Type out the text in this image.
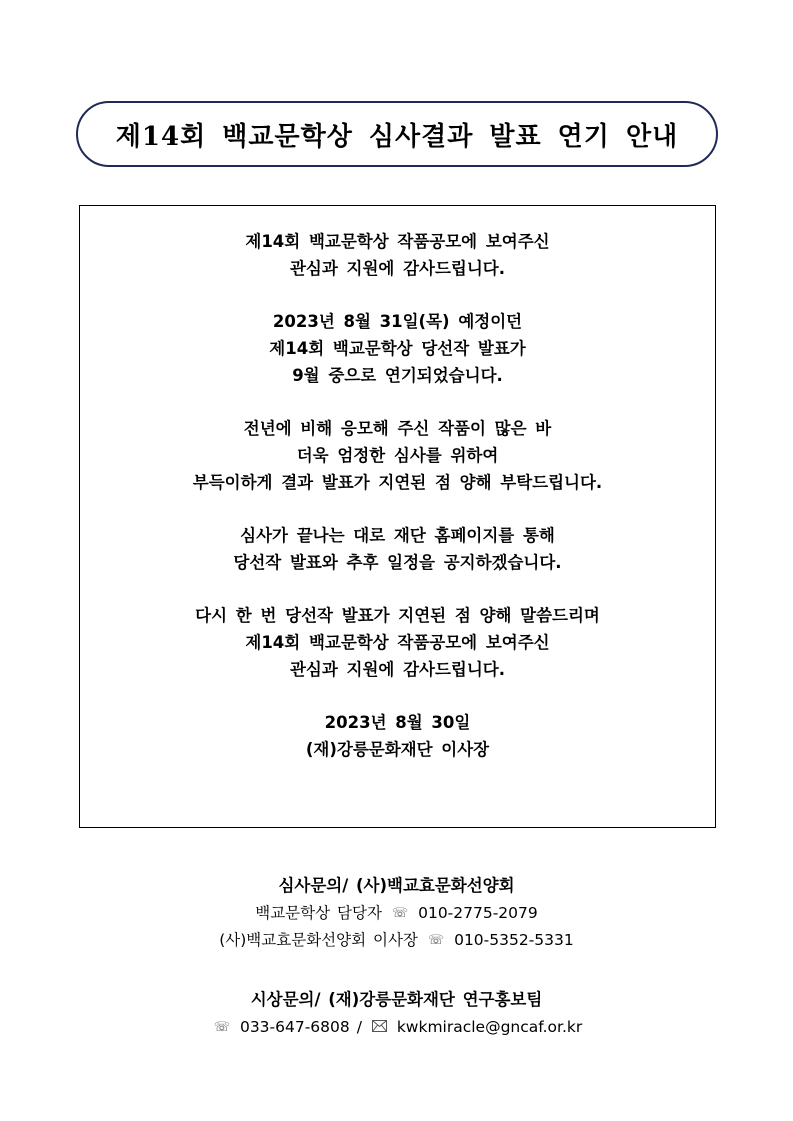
제14회 백교문학상 심사결과 발표 연기 안내
제14회 백교문학상 작품공모에 보여주신
관심과 지원에 감사드립니다.
2023년 8월 31일(목) 예정이던
제14회 백교문학상 당선작 발표가
9월 중으로 연기되었습니다.
전년에 비해 응모해 주신 작품이 많은 바
더욱 엄정한 심사를 위하여
부득이하게 결과 발표가 지연된 점 양해 부탁드립니다.
심사가 끝나는 대로 재단 홈페이지를 통해
당선작 발표와 추후 일정을 공지하겠습니다.
다시 한 번 당선작 발표가 지연된 점 양해 말씀드리며
제14회 백교문학상 작품공모에 보여주신
관심과 지원에 감사드립니다.
2023년 8월 30일
(재)강릉문화재단 이사장
심사문의/ (사)백교효문화선양회
백교문학상 담당자 ☏ 010-2775-2079
(사)백교효문화선양회 이사장 ☏ 010-5352-5331
시상문의/ (재)강릉문화재단 연구홍보팀
☏ 033-647-6808 / kwkmiracle@gncaf.or.kr
